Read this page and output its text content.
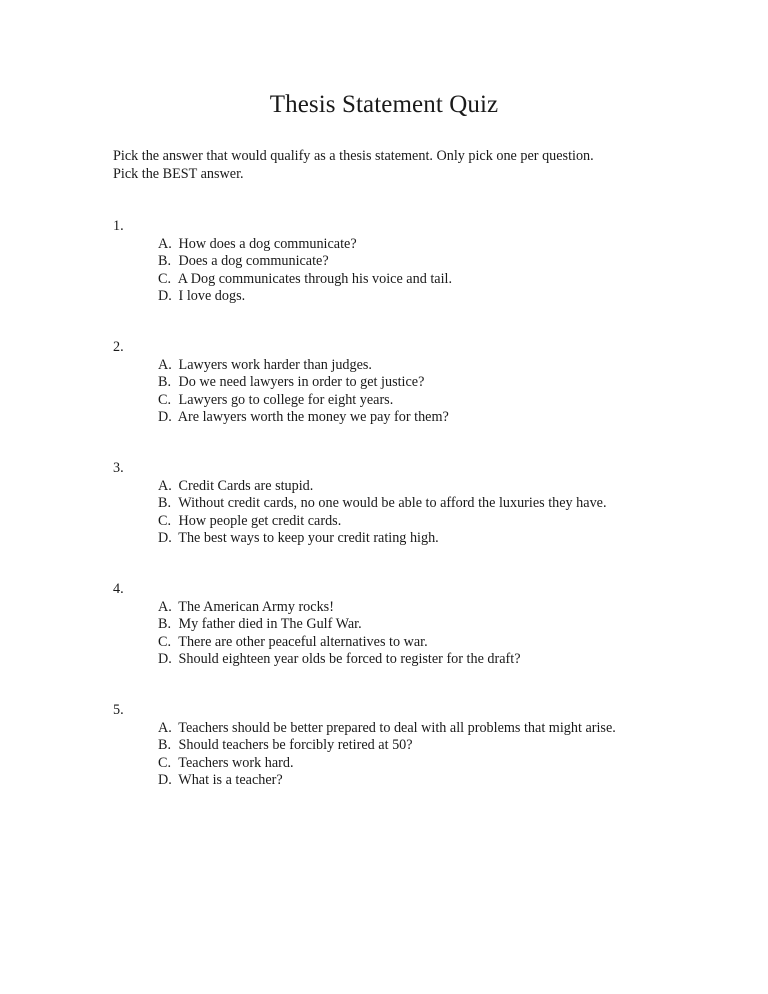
Thesis Statement Quiz
Pick the answer that would qualify as a thesis statement. Only pick one per question.
Pick the BEST answer.
1.
A. How does a dog communicate?
B. Does a dog communicate?
C. A Dog communicates through his voice and tail.
D. I love dogs.
2.
A. Lawyers work harder than judges.
B. Do we need lawyers in order to get justice?
C. Lawyers go to college for eight years.
D. Are lawyers worth the money we pay for them?
3.
A. Credit Cards are stupid.
B. Without credit cards, no one would be able to afford the luxuries they have.
C. How people get credit cards.
D. The best ways to keep your credit rating high.
4.
A. The American Army rocks!
B. My father died in The Gulf War.
C. There are other peaceful alternatives to war.
D. Should eighteen year olds be forced to register for the draft?
5.
A. Teachers should be better prepared to deal with all problems that might arise.
B. Should teachers be forcibly retired at 50?
C. Teachers work hard.
D. What is a teacher?
